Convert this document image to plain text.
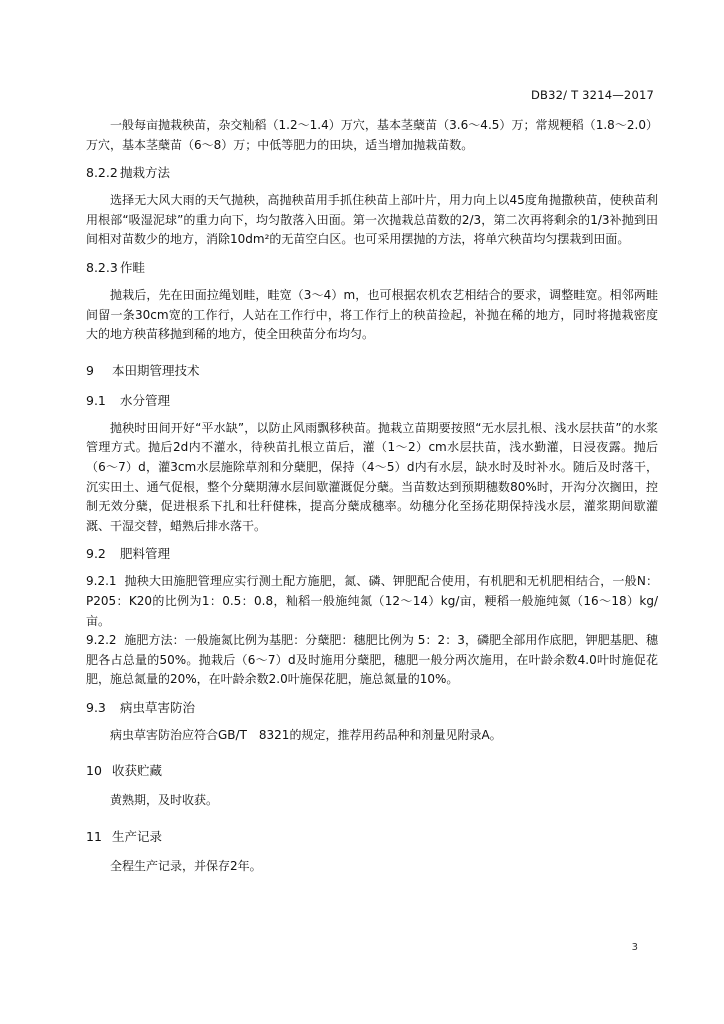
DB32/ T 3214—2017

一般每亩抛栽秧苗，杂交籼稻（1.2～1.4）万穴，基本茎蘖苗（3.6～4.5）万；常规粳稻（1.8～2.0）万穴，基本茎蘖苗（6～8）万；中低等肥力的田块，适当增加抛栽苗数。

8.2.2 抛栽方法

选择无大风大雨的天气抛秧，高抛秧苗用手抓住秧苗上部叶片，用力向上以45度角抛撒秧苗，使秧苗利用根部“吸湿泥球”的重力向下，均匀散落入田面。第一次抛栽总苗数的2/3，第二次再将剩余的1/3补抛到田间相对苗数少的地方，消除10dm²的无苗空白区。也可采用摆抛的方法，将单穴秧苗均匀摆栽到田面。

8.2.3 作畦

抛栽后，先在田面拉绳划畦，畦宽（3～4）m，也可根据农机农艺相结合的要求，调整畦宽。相邻两畦间留一条30cm宽的工作行，人站在工作行中，将工作行上的秧苗捡起，补抛在稀的地方，同时将抛栽密度大的地方秧苗移抛到稀的地方，使全田秧苗分布均匀。

9 本田期管理技术
9.1 水分管理

抛秧时田间开好“平水缺”，以防止风雨飘移秧苗。抛栽立苗期要按照“无水层扎根、浅水层扶苗”的水浆管理方式。抛后2d内不灌水，待秧苗扎根立苗后，灌（1～2）cm水层扶苗，浅水勤灌，日浸夜露。抛后（6～7）d，灌3cm水层施除草剂和分蘖肥，保持（4～5）d内有水层，缺水时及时补水。随后及时落干，沉实田土、通气促根，整个分蘖期薄水层间歇灌溉促分蘖。当苗数达到预期穗数80%时，开沟分次搁田，控制无效分蘖，促进根系下扎和壮秆健株，提高分蘖成穗率。幼穗分化至扬花期保持浅水层，灌浆期间歇灌溉、干湿交替，蜡熟后排水落干。

9.2 肥料管理

9.2.1 抛秧大田施肥管理应实行测土配方施肥，氮、磷、钾肥配合使用，有机肥和无机肥相结合，一般N：P205：K20的比例为1：0.5：0.8，籼稻一般施纯氮（12～14）kg/亩，粳稻一般施纯氮（16～18）kg/亩。

9.2.2 施肥方法：一般施氮比例为基肥：分蘖肥：穗肥比例为 5：2：3，磷肥全部用作底肥，钾肥基肥、穗肥各占总量的50%。抛栽后（6～7）d及时施用分蘖肥，穗肥一般分两次施用，在叶龄余数4.0叶时施促花肥，施总氮量的20%，在叶龄余数2.0叶施保花肥，施总氮量的10%。

9.3 病虫草害防治

病虫草害防治应符合GB/T　8321的规定，推荐用药品种和剂量见附录A。

10 收获贮藏

黄熟期，及时收获。

11 生产记录

全程生产记录，并保存2年。

3
